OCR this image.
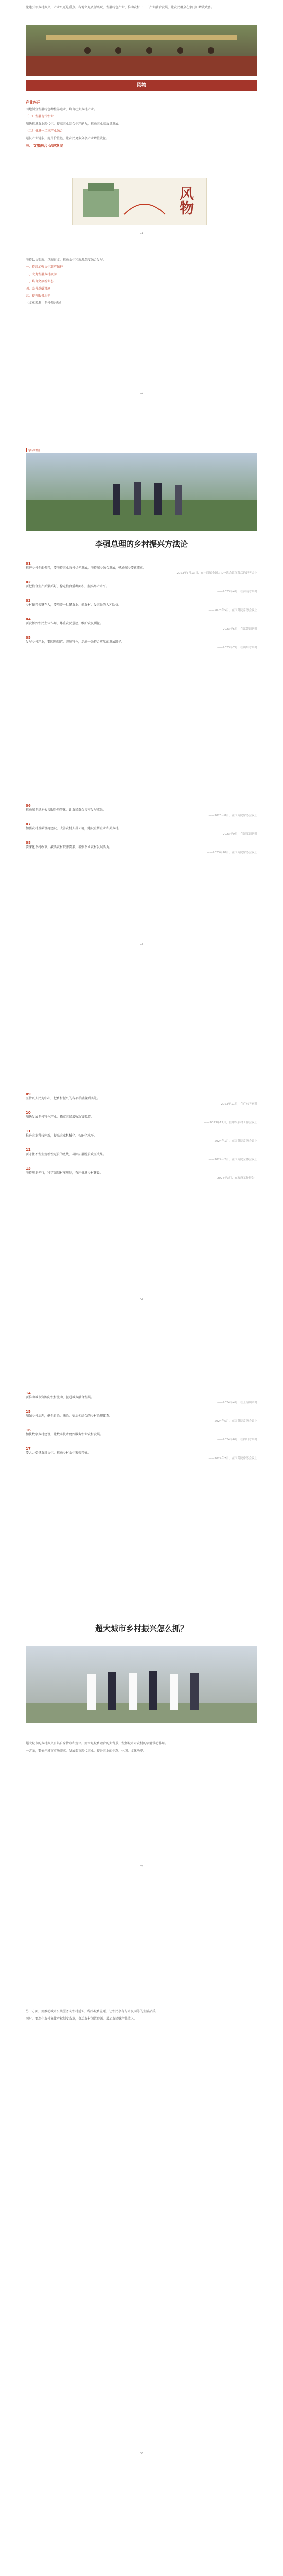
党建引领乡村振兴，产业兴旺是重点。各地立足资源禀赋，发展特色产业，推动农村一二三产业融合发展，让农民群众在家门口增收致富。

风物
产业兴旺

因地制宜发展特色种植养殖业，培育壮大乡村产业。

（一）发展现代农业

加快推进农业现代化，提高农业综合生产能力，推动农业高质量发展。

（二）推进一二三产业融合

延长产业链条，提升价值链，让农民更多分享产业增值收益。

三、文旅融合 促进发展
风物
01

坚持以文塑旅、以旅彰文，推动文化和旅游深度融合发展。

一、持续加强文化遗产保护

二、大力发展乡村旅游

三、培育文旅新业态

四、完善基础设施

五、提升服务水平

（文章来源：乡村振兴局）

02
学习时刻
李强总理的乡村振兴方法论
01
推进乡村全面振兴，要坚持农业农村优先发展，坚持城乡融合发展，畅通城乡要素流动。
——2023年3月13日，在十四届全国人大一次会议闭幕后的记者会上
02
要把粮食生产抓紧抓好，稳定粮食播种面积，提高单产水平。
——2023年4月，在河南考察时
03
乡村振兴关键在人，要培养一批懂农业、爱农村、爱农民的人才队伍。
——2023年5月，在国务院常务会议上
04
要发挥好农民主体作用，尊重农民意愿，维护农民利益。
——2023年6月，在江苏调研时
05
发展乡村产业，要因地制宜、突出特色，走出一条符合实际的发展路子。
——2023年7月，在山东考察时
06
推动城乡基本公共服务均等化，让农民群众共享发展成果。
——2023年8月，在国务院常务会议上
07
加强农村基础设施建设，改善农村人居环境，建设宜居宜业和美乡村。
——2023年9月，在浙江调研时
08
要深化农村改革，激活农村资源要素，增强农业农村发展活力。
——2023年10月，在国务院常务会议上
03
09
坚持以人民为中心，把乡村振兴的各项举措落到实处。
——2023年11月，在广东考察时
10
加快发展乡村特色产业，拓宽农民增收致富渠道。
——2023年12月，在中央农村工作会议上
11
推进农业科技创新，提高农业机械化、智能化水平。
——2024年1月，在国务院常务会议上
12
要守住不发生规模性返贫的底线，巩固拓展脱贫攻坚成果。
——2024年2月，在国务院全体会议上
13
坚持规划先行，科学编制村庄规划，有序推进乡村建设。
——2024年3月，在政府工作报告中
04
14
要推动城市资源向农村流动，促进城乡融合发展。
——2024年4月，在上海调研时
15
加强乡村治理，健全自治、法治、德治相结合的乡村治理体系。
——2024年5月，在国务院常务会议上
16
加快数字乡村建设，让数字技术更好服务农业农村发展。
——2024年6月，在四川考察时
17
要大力弘扬农耕文化，推动乡村文化繁荣兴盛。
——2024年7月，在国务院常务会议上
超大城市乡村振兴怎么抓？

超大城市的乡村振兴有其自身特点和规律。要立足城乡融合的大背景，发挥城市对农村的辐射带动作用。

一方面，要依托城市市场需求，发展都市现代农业，提升农业的生态、休闲、文化功能。

05

另一方面，要推动城市公共服务向农村延伸，缩小城乡差距，让农民享有与市民同等的生活品质。

同时，要深化农村集体产权制度改革，盘活农村闲置资源，增加农民财产性收入。

06
